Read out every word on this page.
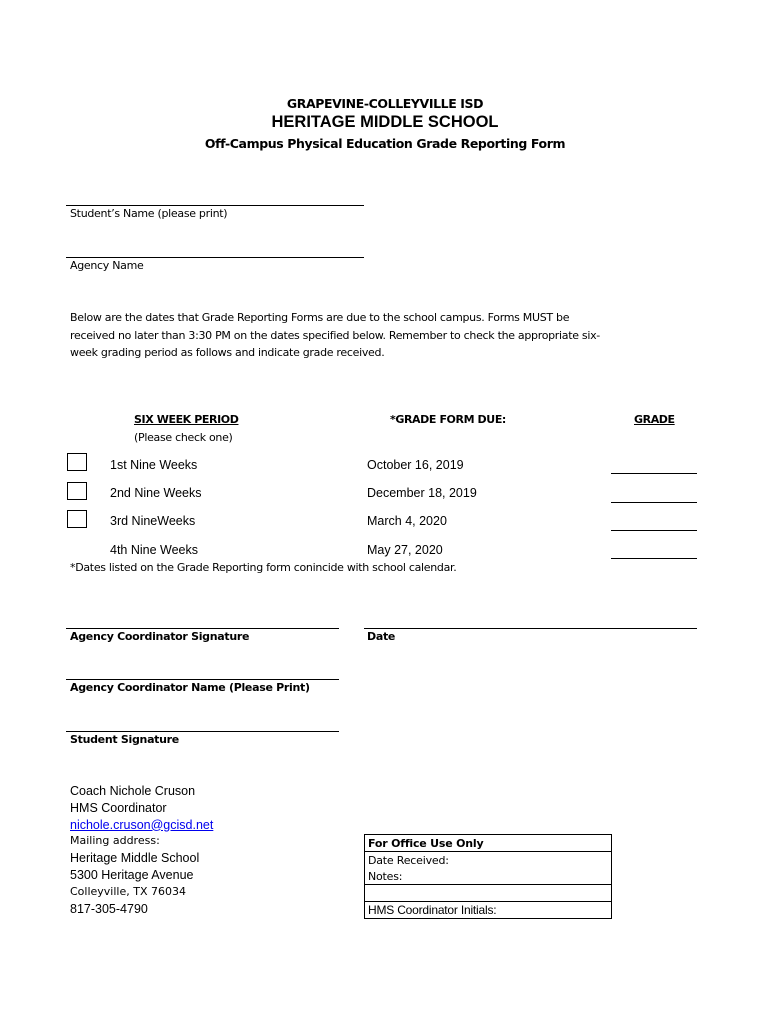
GRAPEVINE-COLLEYVILLE ISD
HERITAGE MIDDLE SCHOOL
Off-Campus Physical Education Grade Reporting Form
Student’s Name (please print)
Agency Name
Below are the dates that Grade Reporting Forms are due to the school campus. Forms MUST be received no later than 3:30 PM on the dates specified below. Remember to check the appropriate six-week grading period as follows and indicate grade received.
SIX WEEK PERIOD
(Please check one)
*GRADE FORM DUE:	GRADE
1st Nine Weeks	October 16, 2019
2nd Nine Weeks	December 18, 2019
3rd NineWeeks	March 4, 2020
4th Nine Weeks	May 27, 2020
*Dates listed on the Grade Reporting form conincide with school calendar.
Agency Coordinator Signature	Date
Agency Coordinator Name (Please Print)
Student Signature
Coach Nichole Cruson
HMS Coordinator
nichole.cruson@gcisd.net
Mailing address:
Heritage Middle School
5300 Heritage Avenue
Colleyville, TX 76034
817-305-4790
For Office Use Only
Date Received:
Notes:

HMS Coordinator Initials:
